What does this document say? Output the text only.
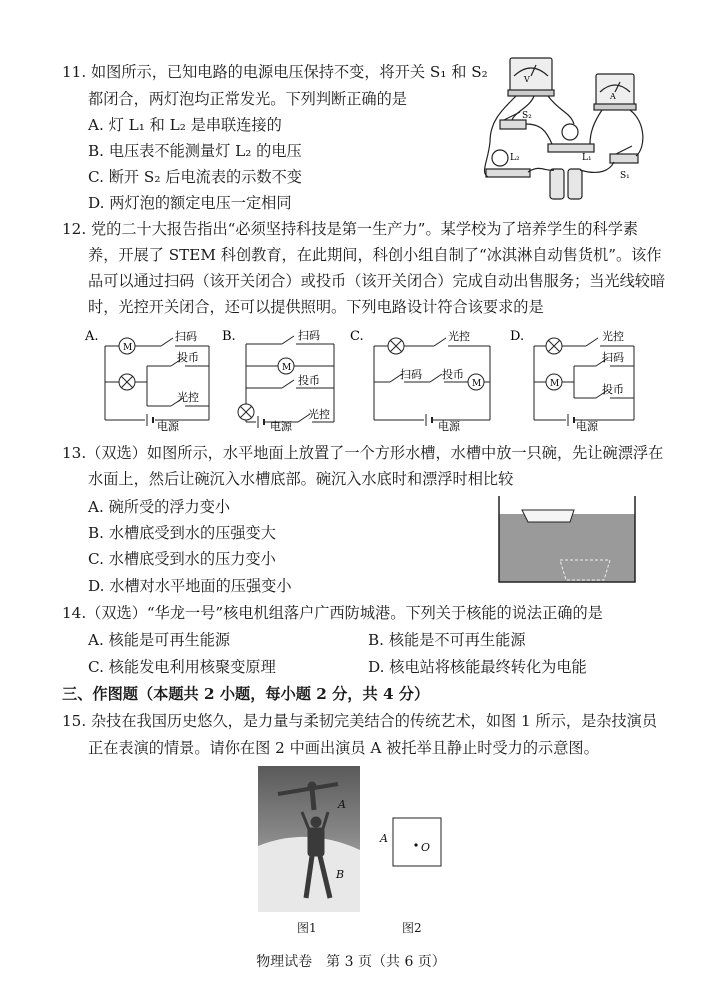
11. 如图所示，已知电路的电源电压保持不变，将开关 S₁ 和 S₂
都闭合，两灯泡均正常发光。下列判断正确的是
A. 灯 L₁ 和 L₂ 是串联连接的
B. 电压表不能测量灯 L₂ 的电压
C. 断开 S₂ 后电流表的示数不变
D. 两灯泡的额定电压一定相同
V
A
S₂
L₂	L₁
S₁
12. 党的二十大报告指出“必须坚持科技是第一生产力”。某学校为了培养学生的科学素
养，开展了 STEM 科创教育，在此期间，科创小组自制了“冰淇淋自动售货机”。该作
品可以通过扫码（该开关闭合）或投币（该开关闭合）完成自动出售服务；当光线较暗
时，光控开关闭合，还可以提供照明。下列电路设计符合该要求的是
A.
M
扫码
投币
光控
电源
B.
M
扫码
投币
电源
光控
C.
M
光控
扫码 投币
电源
D.
M
光控
扫码
投币
电源
13.（双选）如图所示，水平地面上放置了一个方形水槽，水槽中放一只碗，先让碗漂浮在
水面上，然后让碗沉入水槽底部。碗沉入水底时和漂浮时相比较
A. 碗所受的浮力变小
B. 水槽底受到水的压强变大
C. 水槽底受到水的压力变小
D. 水槽对水平地面的压强变小
14.（双选）“华龙一号”核电机组落户广西防城港。下列关于核能的说法正确的是
A. 核能是可再生能源	B. 核能是不可再生能源
C. 核能发电利用核聚变原理	D. 核电站将核能最终转化为电能
三、作图题（本题共 2 小题，每小题 2 分，共 4 分）
15. 杂技在我国历史悠久，是力量与柔韧完美结合的传统艺术，如图 1 所示，是杂技演员
正在表演的情景。请你在图 2 中画出演员 A 被托举且静止时受力的示意图。
A
B
图1
A
O
图2
物理试卷　第 3 页（共 6 页）
